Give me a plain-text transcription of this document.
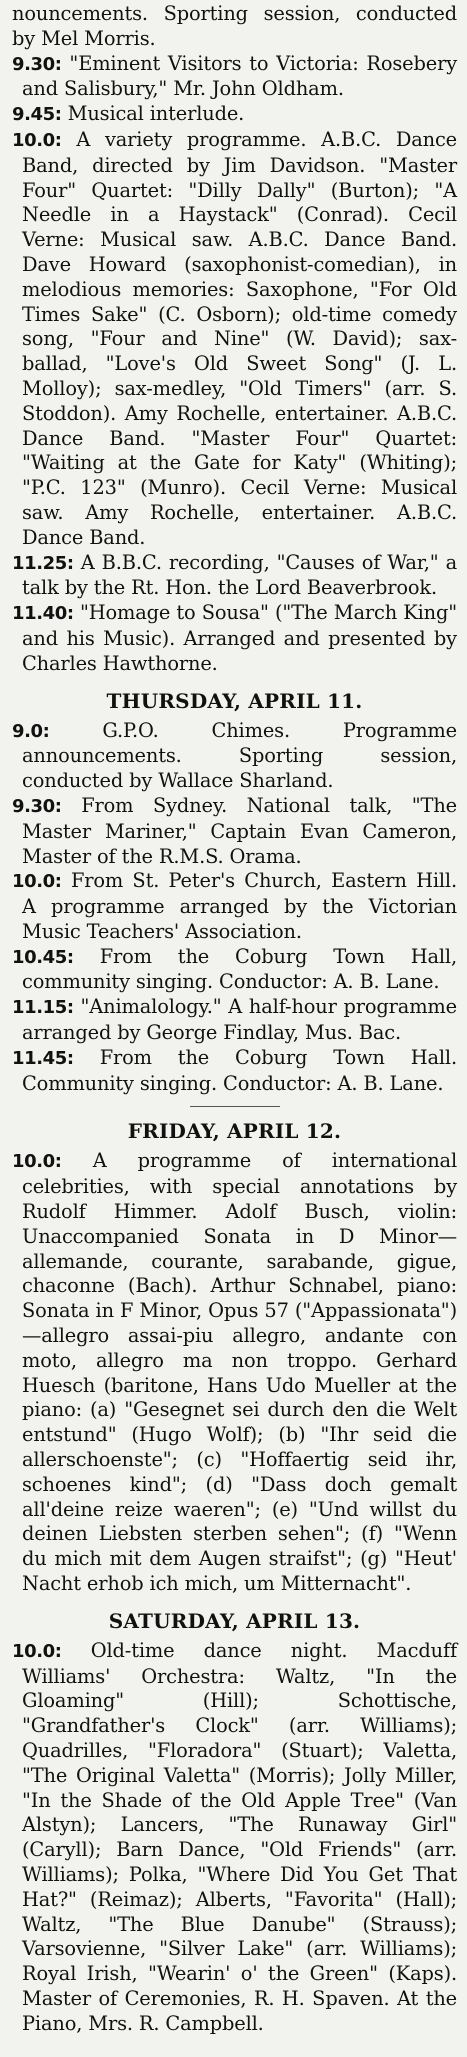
nouncements. Sporting session, conducted by Mel Morris.

9.30: "Eminent Visitors to Victoria: Rosebery and Salisbury," Mr. John Oldham.

9.45: Musical interlude.

10.0: A variety programme. A.B.C. Dance Band, directed by Jim Davidson. "Master Four" Quartet: "Dilly Dally" (Burton); "A Needle in a Haystack" (Conrad). Cecil Verne: Musical saw. A.B.C. Dance Band. Dave Howard (saxophonist-comedian), in melodious memories: Saxophone, "For Old Times Sake" (C. Osborn); old-time comedy song, "Four and Nine" (W. David); sax-ballad, "Love's Old Sweet Song" (J. L. Molloy); sax-medley, "Old Timers" (arr. S. Stoddon). Amy Rochelle, entertainer. A.B.C. Dance Band. "Master Four" Quartet: "Waiting at the Gate for Katy" (Whiting); "P.C. 123" (Munro). Cecil Verne: Musical saw. Amy Rochelle, entertainer. A.B.C. Dance Band.

11.25: A B.B.C. recording, "Causes of War," a talk by the Rt. Hon. the Lord Beaverbrook.

11.40: "Homage to Sousa" ("The March King" and his Music). Arranged and presented by Charles Hawthorne.

THURSDAY, APRIL 11.

9.0:	G.P.O. Chimes. Programme announcements. Sporting session, conducted by Wallace Sharland.

9.30: From Sydney. National talk, "The Master Mariner," Captain Evan Cameron, Master of the R.M.S. Orama.

10.0: From St. Peter's Church, Eastern Hill. A programme arranged by the Victorian Music Teachers' Association.

10.45: From the Coburg Town Hall, community singing. Conductor: A. B. Lane.

11.15: "Animalology." A half-hour programme arranged by George Findlay, Mus. Bac.

11.45: From the Coburg Town Hall. Community singing. Conductor: A. B. Lane.

FRIDAY, APRIL 12.

10.0: A programme of international celebrities, with special annotations by Rudolf Himmer. Adolf Busch, violin: Unaccompanied Sonata in D Minor—allemande, courante, sarabande, gigue, chaconne (Bach). Arthur Schnabel, piano: Sonata in F Minor, Opus 57 ("Appassionata")—allegro assai-piu allegro, andante con moto, allegro ma non troppo. Gerhard Huesch (baritone, Hans Udo Mueller at the piano: (a) "Gesegnet sei durch den die Welt entstund" (Hugo Wolf); (b) "Ihr seid die allerschoenste"; (c) "Hoffaertig seid ihr, schoenes kind"; (d) "Dass doch gemalt all'deine reize waeren"; (e) "Und willst du deinen Liebsten sterben sehen"; (f) "Wenn du mich mit dem Augen straifst"; (g) "Heut' Nacht erhob ich mich, um Mitternacht".

SATURDAY, APRIL 13.

10.0: Old-time dance night. Macduff Williams' Orchestra: Waltz, "In the Gloaming" (Hill); Schottische, "Grandfather's Clock" (arr. Williams); Quadrilles, "Floradora" (Stuart); Valetta, "The Original Valetta" (Morris); Jolly Miller, "In the Shade of the Old Apple Tree" (Van Alstyn); Lancers, "The Runaway Girl" (Caryll); Barn Dance, "Old Friends" (arr. Williams); Polka, "Where Did You Get That Hat?" (Reimaz); Alberts, "Favorita" (Hall); Waltz, "The Blue Danube" (Strauss); Varsovienne, "Silver Lake" (arr. Williams); Royal Irish, "Wearin' o' the Green" (Kaps). Master of Ceremonies, R. H. Spaven. At the Piano, Mrs. R. Campbell.
